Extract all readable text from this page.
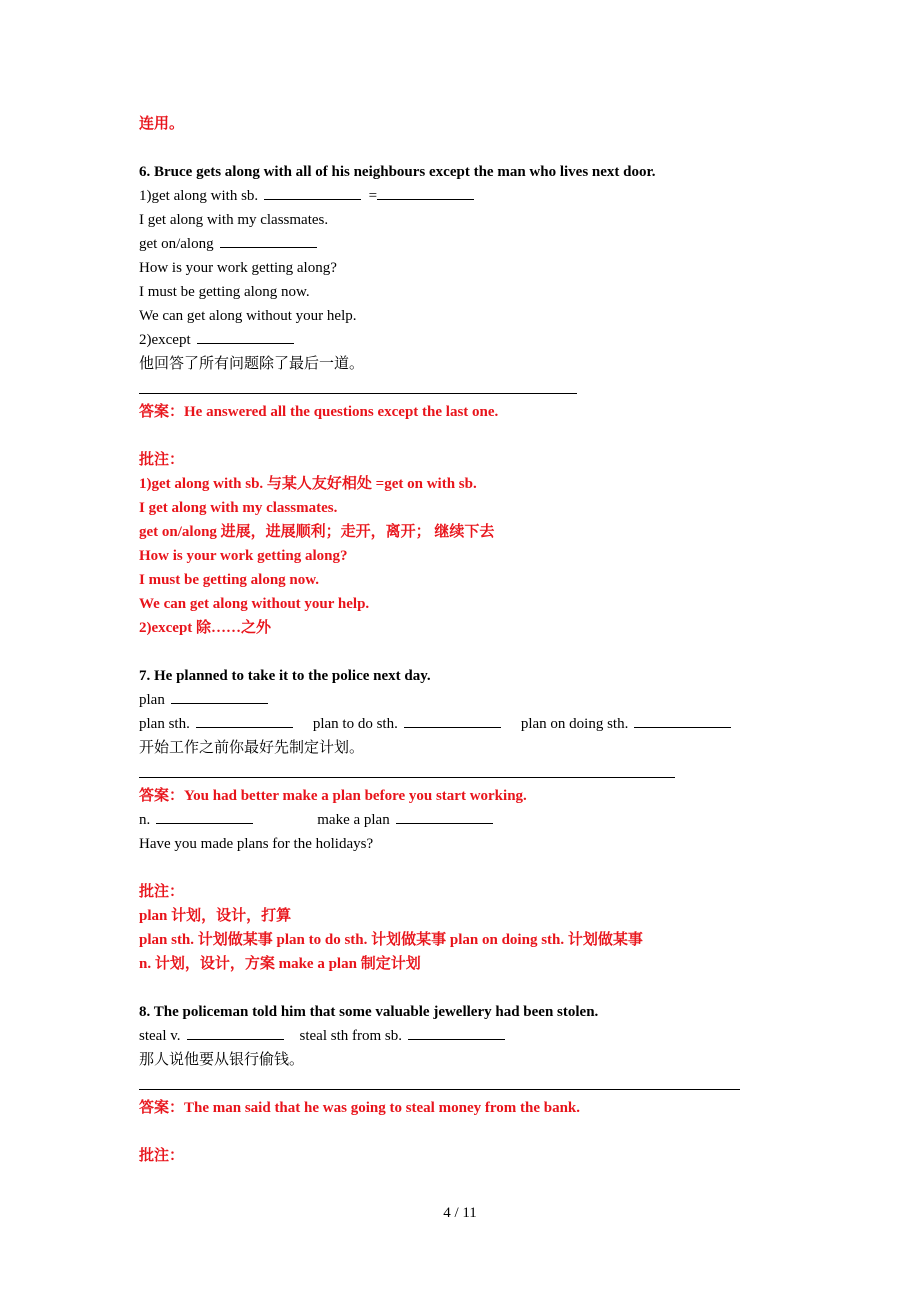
连用。
6. Bruce gets along with all of his neighbours except the man who lives next door.
1)get along with sb.	=
I get along with my classmates.
get on/along
How is your work getting along?
I must be getting along now.
We can get along without your help.
2)except
他回答了所有问题除了最后一道。
答案：He answered all the questions except the last one.
批注：
1)get along with sb. 与某人友好相处 =get on with sb.
I get along with my classmates.
get on/along 进展，进展顺利；走开，离开； 继续下去
How is your work getting along?
I must be getting along now.
We can get along without your help.
2)except 除……之外
7. He planned to take it to the police next day.
plan
plan sth.	plan to do sth.	plan on doing sth.
开始工作之前你最好先制定计划。
答案：You had better make a plan before you start working.
n.	make a plan
Have you made plans for the holidays?
批注：
plan 计划，设计，打算
plan sth. 计划做某事 plan to do sth. 计划做某事 plan on doing sth. 计划做某事
n. 计划，设计，方案 make a plan 制定计划
8. The policeman told him that some valuable jewellery had been stolen.
steal v.	steal sth from sb.
那人说他要从银行偷钱。
答案：The man said that he was going to steal money from the bank.
批注：
4 / 11
